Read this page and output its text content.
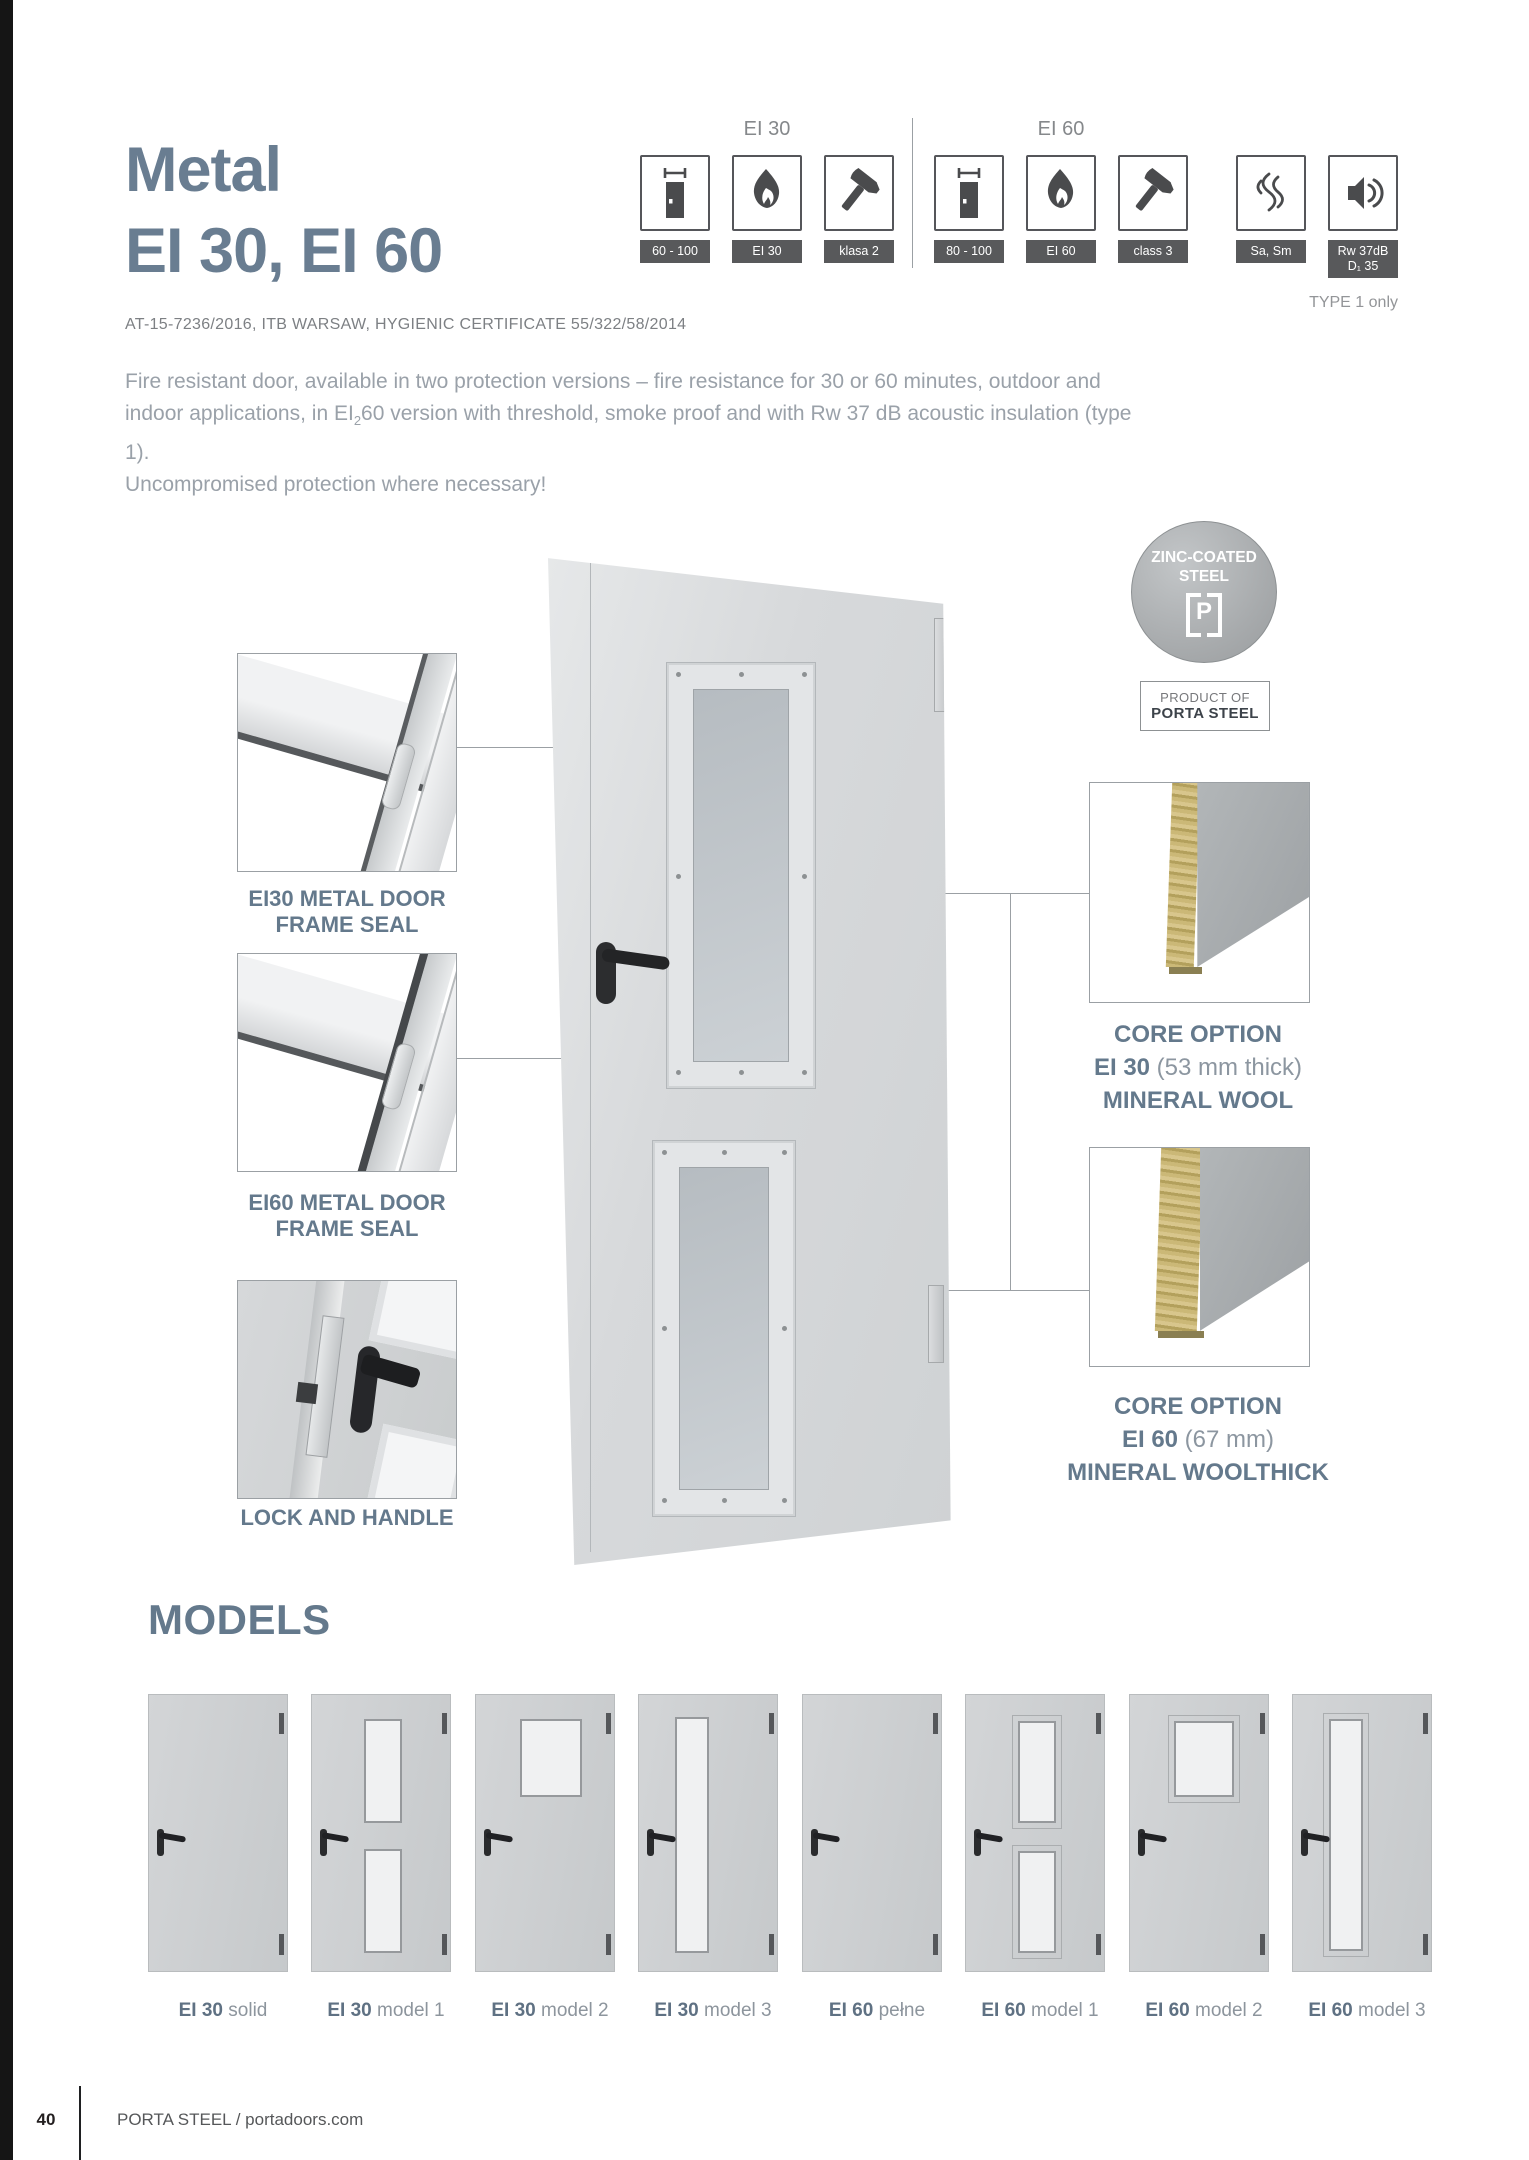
Metal
EI 30, EI 60
AT-15-7236/2016, ITB WARSAW, HYGIENIC CERTIFICATE 55/322/58/2014
Fire resistant door, available in two protection versions – fire resistance for 30 or 60 minutes, outdoor and
indoor applications, in $EI_260$ version with threshold, smoke proof and with Rw 37 dB acoustic insulation (type 1).
Uncompromised protection where necessary!
EI 30	EI 60
60 - 100	EI 30	klasa 2	80 - 100	EI 60	class 3	Sa, Sm	Rw 37dB
D₁ 35
TYPE 1 only
EI30 METAL DOOR
FRAME SEAL
EI60 METAL DOOR
FRAME SEAL
LOCK AND HANDLE
ZINC-COATED
STEEL
P
PRODUCT OF
PORTA STEEL
CORE OPTION
EI 30 (53 mm thick)
MINERAL WOOL
CORE OPTION
EI 60 (67 mm)
MINERAL WOOLTHICK
MODELS
EI 30 solid	EI 30 model 1	EI 30 model 2	EI 30 model 3	EI 60 pełne	EI 60 model 1	EI 60 model 2	EI 60 model 3
40	PORTA STEEL / portadoors.com
